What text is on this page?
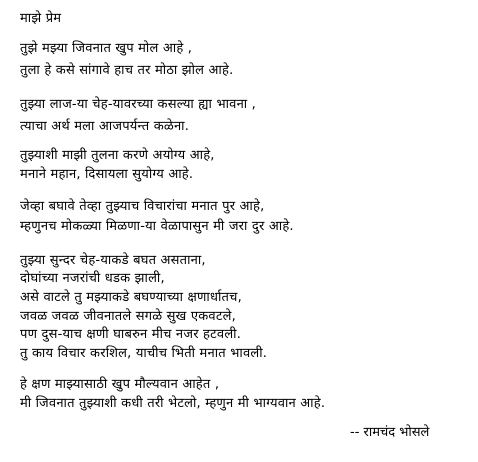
माझे प्रेम
तुझे मझ्या जिवनात खुप मोल आहे ,
तुला हे कसे सांगावे हाच तर मोठा झोल आहे.
तुझ्या लाज-या चेह-यावरच्या कसल्या ह्या भावना ,
त्याचा अर्थ मला आजपर्यन्त कळेना.
तुझ्याशी माझी तुलना करणे अयोग्य आहे,
मनाने महान, दिसायला सुयोग्य आहे.
जेव्हा बघावे तेव्हा तुझ्याच विचारांचा मनात पुर आहे,
म्हणुनच मोकळ्या मिळणा-या वेळापासुन मी जरा दुर आहे.
तुझ्या सुन्दर चेह-याकडे बघत असताना,
दोघांच्या नजरांची धडक झाली,
असे वाटले तु मझ्याकडे बघण्याच्या क्षणार्धातच,
जवळ जवळ जीवनातले सगळे सुख एकवटले,
पण दुस-याच क्षणी घाबरुन मीच नजर हटवली.
तु काय विचार करशिल, याचीच भिती मनात भावली.
हे क्षण माझ्यासाठी खुप मौल्यवान आहेत ,
मी जिवनात तुझ्याशी कधी तरी भेटलो, म्हणुन मी भाग्यवान आहे.
-- रामचंद भोसले
